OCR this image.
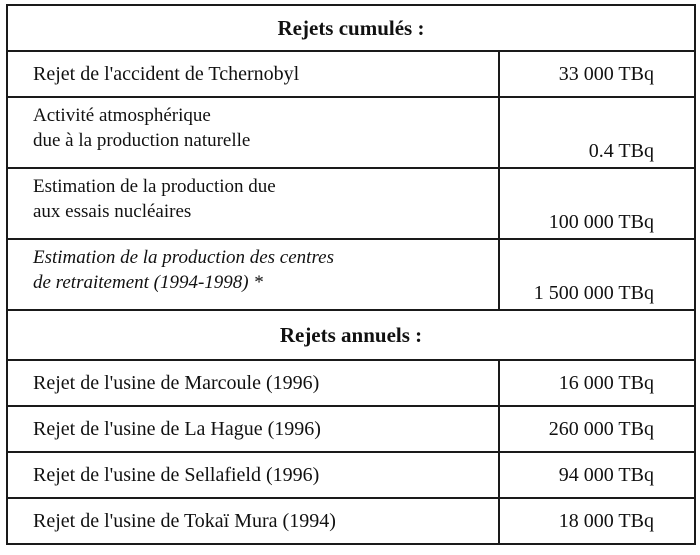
Rejets cumulés :	

Rejet de l'accident de Tchernobyl	33 000 TBq

Activité atmosphérique
due à la production naturelle	0.4 TBq

Estimation de la production due
aux essais nucléaires	100 000 TBq

Estimation de la production des centres
de retraitement (1994-1998) *	1 500 000 TBq
Rejets annuels :	
Rejet de l'usine de Marcoule (1996)	16 000 TBq
Rejet de l'usine de La Hague (1996)	260 000 TBq
Rejet de l'usine de Sellafield (1996)	94 000 TBq
Rejet de l'usine de Tokaï Mura (1994)	18 000 TBq
